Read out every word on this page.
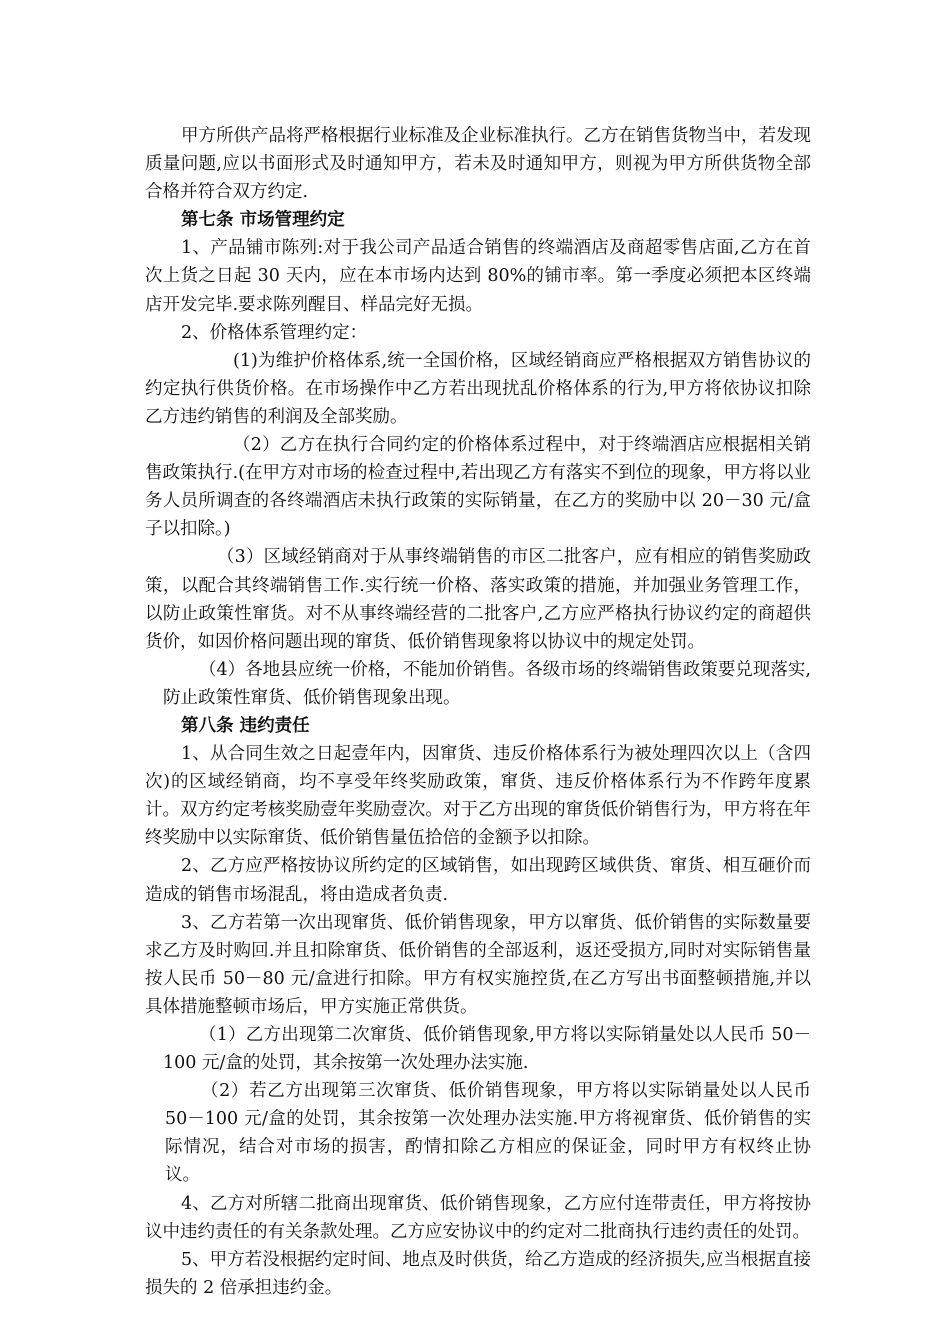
甲方所供产品将严格根据行业标准及企业标准执行。乙方在销售货物当中，若发现质量问题,应以书面形式及时通知甲方，若未及时通知甲方，则视为甲方所供货物全部合格并符合双方约定.

第七条 市场管理约定

1、产品铺市陈列:对于我公司产品适合销售的终端酒店及商超零售店面,乙方在首次上货之日起 30 天内，应在本市场内达到 80%的铺市率。第一季度必须把本区终端店开发完毕.要求陈列醒目、样品完好无损。

2、价格体系管理约定：

(1)为维护价格体系,统一全国价格，区域经销商应严格根据双方销售协议的约定执行供货价格。在市场操作中乙方若出现扰乱价格体系的行为,甲方将依协议扣除乙方违约销售的利润及全部奖励。

（2）乙方在执行合同约定的价格体系过程中，对于终端酒店应根据相关销售政策执行.(在甲方对市场的检查过程中,若出现乙方有落实不到位的现象，甲方将以业务人员所调查的各终端酒店未执行政策的实际销量，在乙方的奖励中以 20－30 元/盒子以扣除。)

（3）区域经销商对于从事终端销售的市区二批客户，应有相应的销售奖励政策，以配合其终端销售工作.实行统一价格、落实政策的措施，并加强业务管理工作，以防止政策性窜货。对不从事终端经营的二批客户,乙方应严格执行协议约定的商超供货价，如因价格问题出现的窜货、低价销售现象将以协议中的规定处罚。

（4）各地县应统一价格，不能加价销售。各级市场的终端销售政策要兑现落实,防止政策性窜货、低价销售现象出现。

第八条 违约责任

1、从合同生效之日起壹年内，因窜货、违反价格体系行为被处理四次以上（含四次)的区域经销商，均不享受年终奖励政策，窜货、违反价格体系行为不作跨年度累计。双方约定考核奖励壹年奖励壹次。对于乙方出现的窜货低价销售行为，甲方将在年终奖励中以实际窜货、低价销售量伍拾倍的金额予以扣除。

2、乙方应严格按协议所约定的区域销售，如出现跨区域供货、窜货、相互砸价而造成的销售市场混乱，将由造成者负责.

3、乙方若第一次出现窜货、低价销售现象，甲方以窜货、低价销售的实际数量要求乙方及时购回.并且扣除窜货、低价销售的全部返利，返还受损方,同时对实际销售量按人民币 50－80 元/盒进行扣除。甲方有权实施控货,在乙方写出书面整顿措施,并以具体措施整顿市场后，甲方实施正常供货。

（1）乙方出现第二次窜货、低价销售现象,甲方将以实际销量处以人民币 50－100 元/盒的处罚，其余按第一次处理办法实施.

（2）若乙方出现第三次窜货、低价销售现象，甲方将以实际销量处以人民币 50－100 元/盒的处罚，其余按第一次处理办法实施.甲方将视窜货、低价销售的实际情况，结合对市场的损害，酌情扣除乙方相应的保证金，同时甲方有权终止协议。

4、乙方对所辖二批商出现窜货、低价销售现象，乙方应付连带责任，甲方将按协议中违约责任的有关条款处理。乙方应安协议中的约定对二批商执行违约责任的处罚。

5、甲方若没根据约定时间、地点及时供货，给乙方造成的经济损失,应当根据直接损失的 2 倍承担违约金。
